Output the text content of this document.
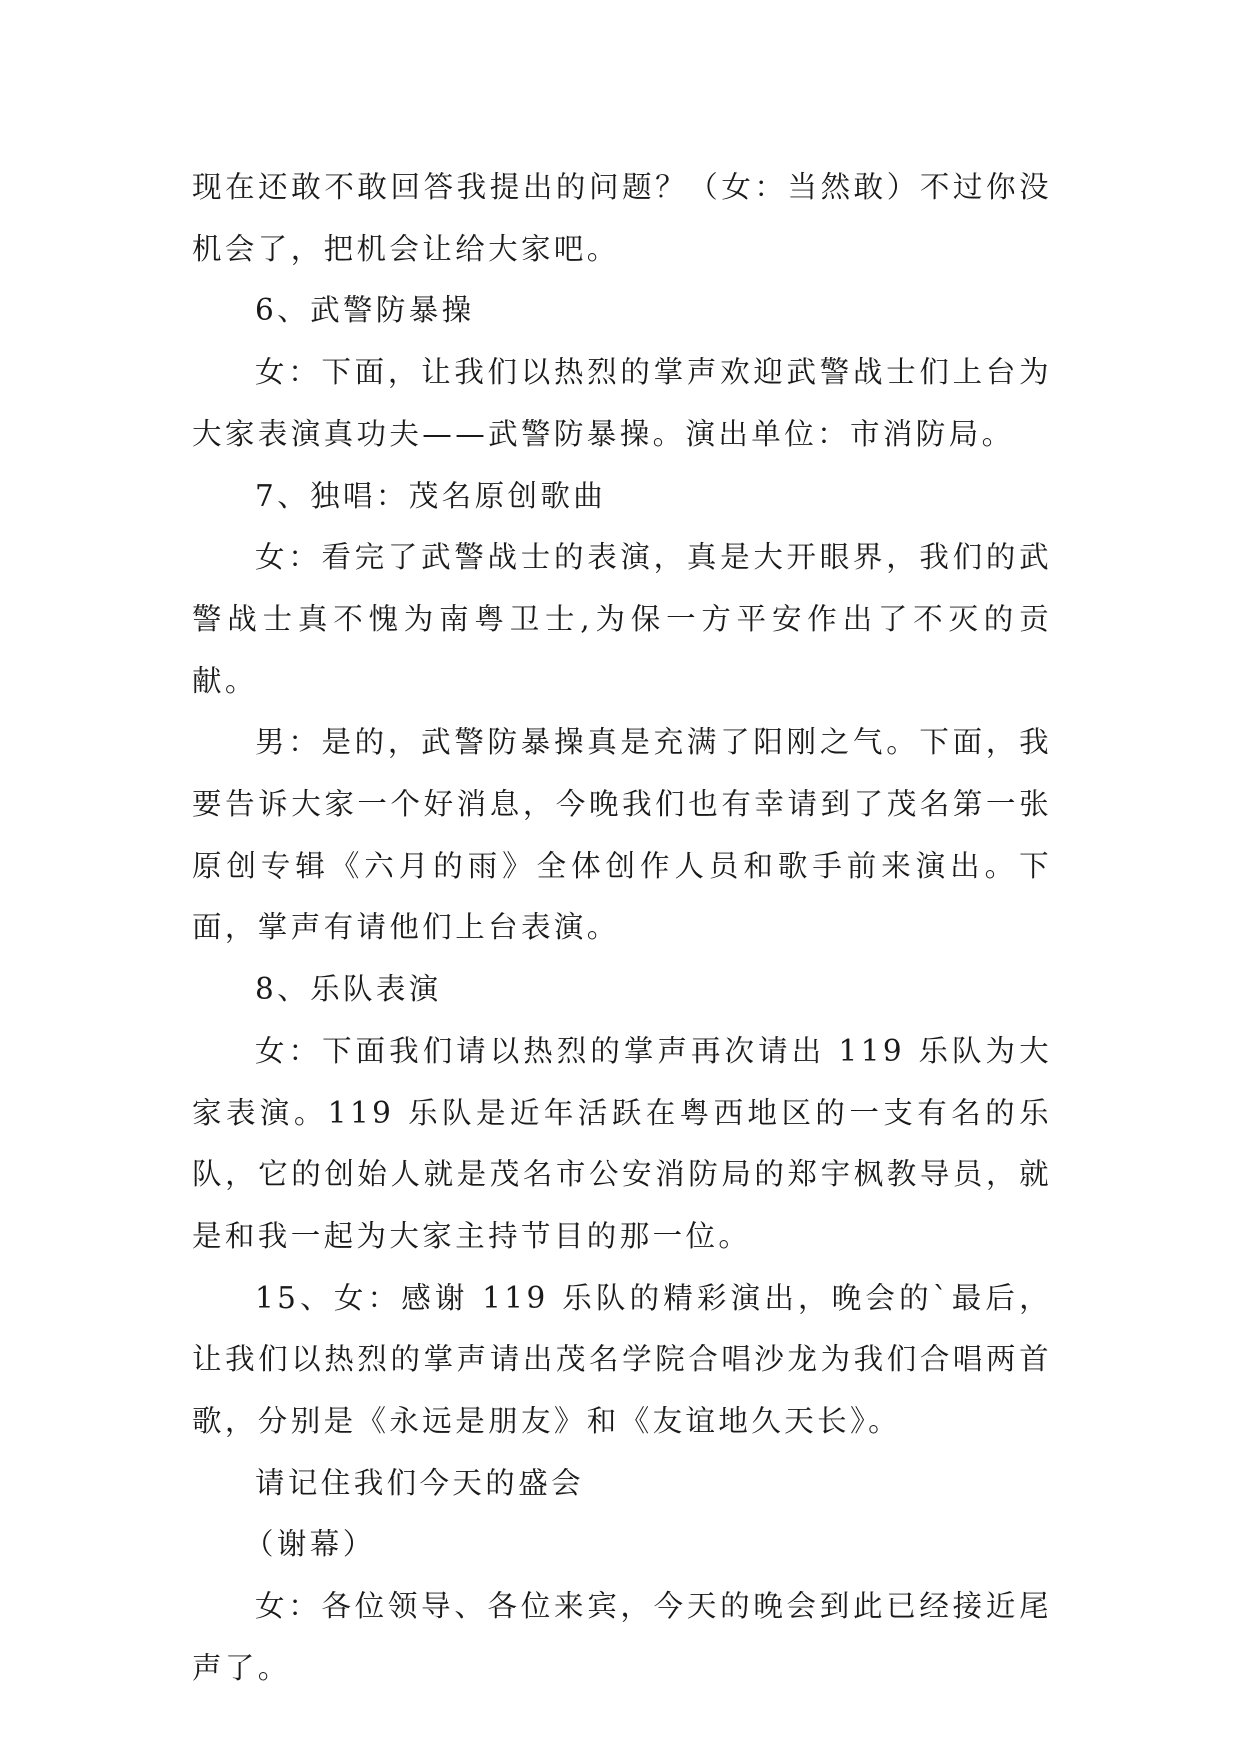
现在还敢不敢回答我提出的问题？（女：当然敢）不过你没机会了，把机会让给大家吧。

6、武警防暴操

女：下面，让我们以热烈的掌声欢迎武警战士们上台为大家表演真功夫——武警防暴操。演出单位：市消防局。

7、独唱：茂名原创歌曲

女：看完了武警战士的表演，真是大开眼界，我们的武警战士真不愧为南粤卫士,为保一方平安作出了不灭的贡献。

男：是的，武警防暴操真是充满了阳刚之气。下面，我要告诉大家一个好消息，今晚我们也有幸请到了茂名第一张原创专辑《六月的雨》全体创作人员和歌手前来演出。下面，掌声有请他们上台表演。

8、乐队表演

女：下面我们请以热烈的掌声再次请出 119 乐队为大家表演。119 乐队是近年活跃在粤西地区的一支有名的乐队，它的创始人就是茂名市公安消防局的郑宇枫教导员，就是和我一起为大家主持节目的那一位。

15、女：感谢 119 乐队的精彩演出，晚会的`最后，让我们以热烈的掌声请出茂名学院合唱沙龙为我们合唱两首歌，分别是《永远是朋友》和《友谊地久天长》。

请记住我们今天的盛会

（谢幕）

女：各位领导、各位来宾，今天的晚会到此已经接近尾声了。
